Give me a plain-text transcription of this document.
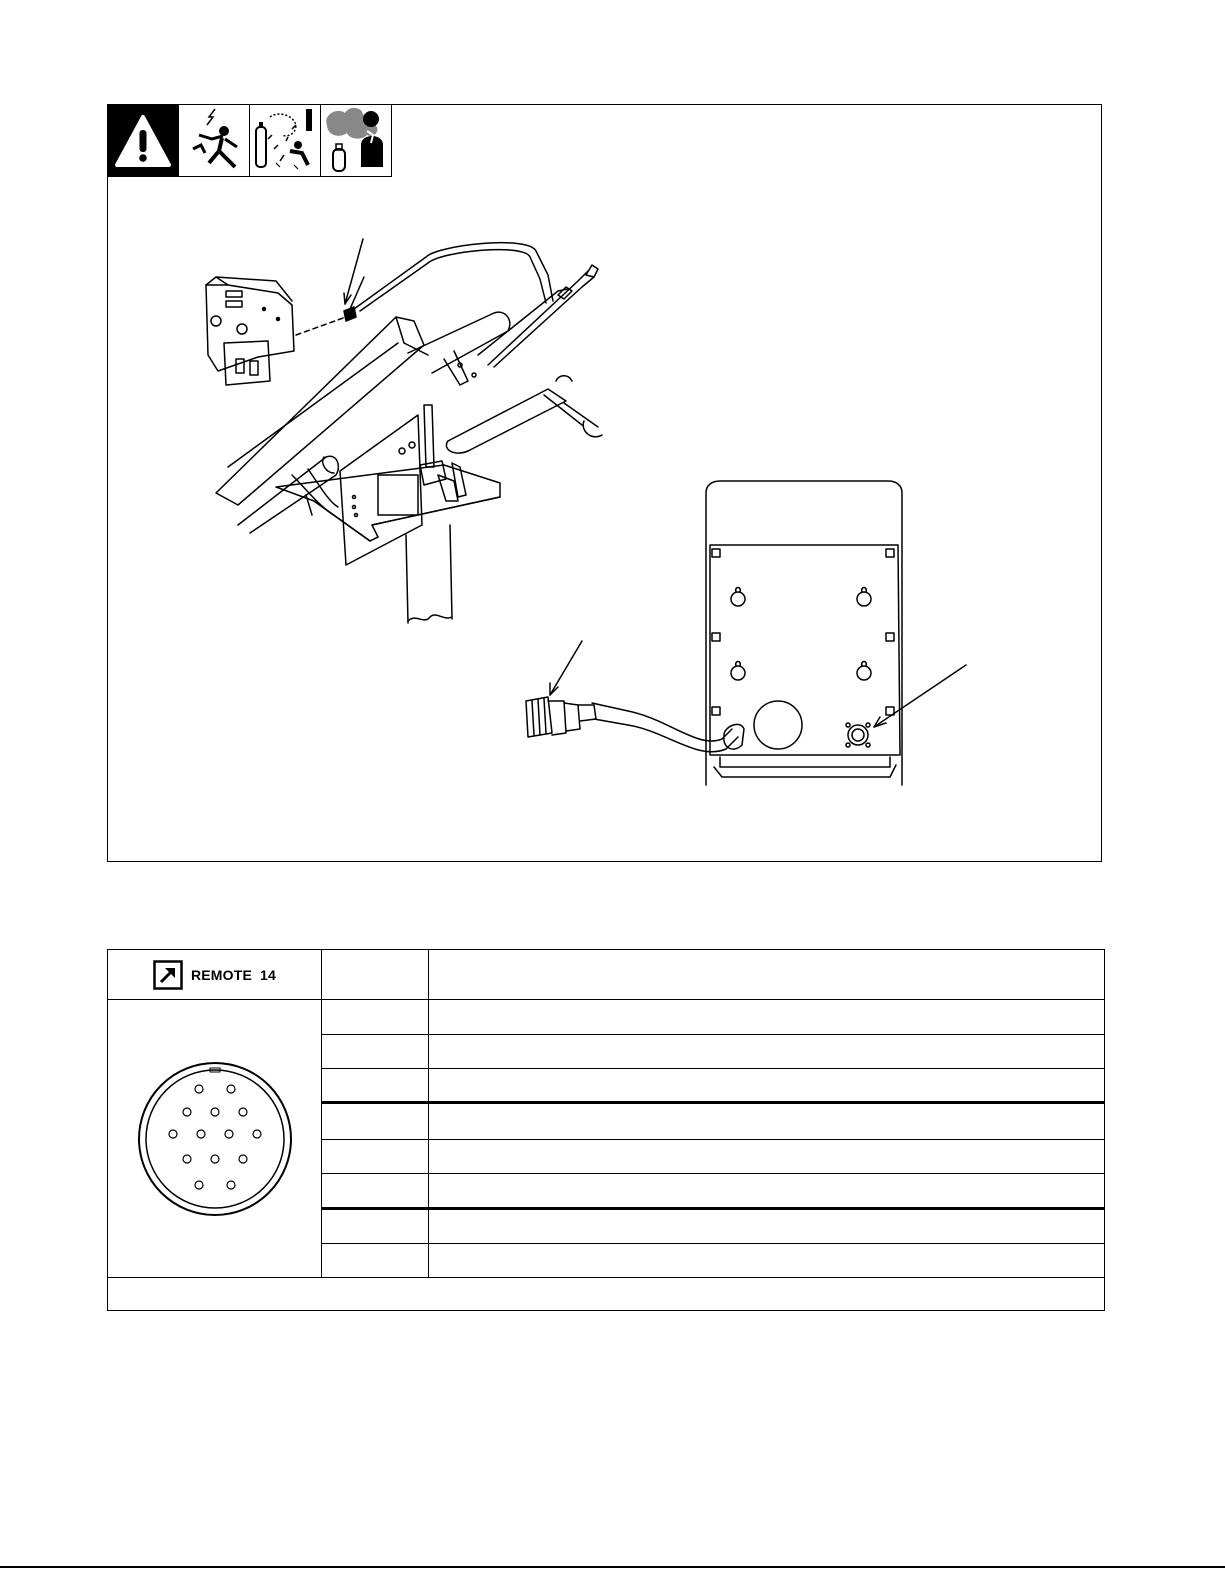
REMOTE 14		
